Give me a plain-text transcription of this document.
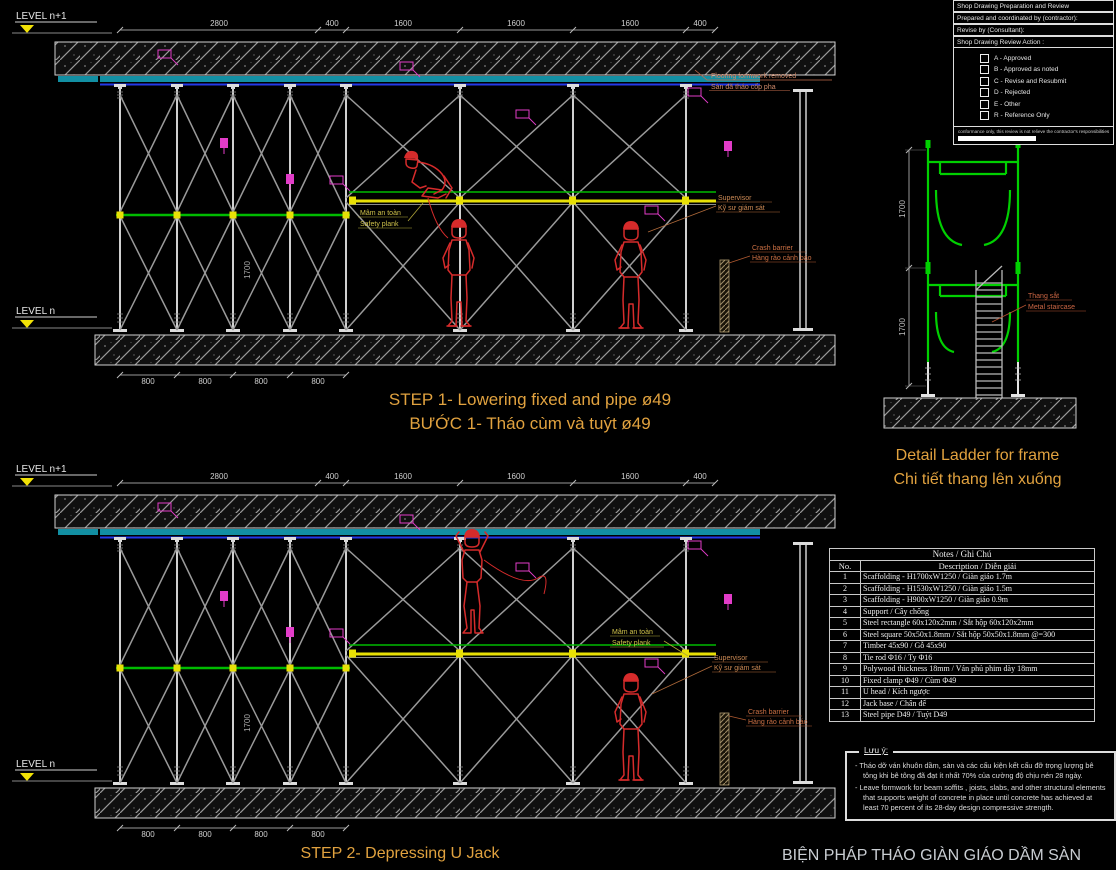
Flooring formwork removed
Sàn đã tháo cốp pha
Supervisor
Kỹ sư giám sát
Crash barrier
Hàng rào cảnh báo
Mâm an toàn
Safety plank
Mâm an toàn
Safety plank
Supervisor
Kỹ sư giám sát
Crash barrier
Hàng rào cảnh báo
1700
1700
Thang sắt
Metal staircase
STEP 1- Lowering fixed and pipe ø49
BƯỚC 1- Tháo cùm và tuýt ø49
STEP 2- Depressing U Jack
Detail Ladder for frame
Chi tiết thang lên xuống
Shop Drawing Preparation and Review
Prepared and coordinated by (contractor):
Revise by (Consultant):
Shop Drawing Review Action :
A - Approved
B - Approved as noted
C - Revise and Resubmit
D - Rejected
E - Other
R - Reference Only
conformance only, this review is not relieve the contractor's responsibilities
Notes / Ghi Chú	
No.	Description / Diễn giải
1	Scaffolding - H1700xW1250 / Giàn giáo 1.7m
2	Scaffolding - H1530xW1250 / Giàn giáo 1.5m
3	Scaffolding - H900xW1250 / Giàn giáo 0.9m
4	Support / Cây chống
5	Steel rectangle 60x120x2mm / Sắt hộp 60x120x2mm
6	Steel square 50x50x1.8mm / Sắt hộp 50x50x1.8mm @=300
7	Timber 45x90 / Gỗ 45x90
8	Tie rod Φ16 / Ty Φ16
9	Polywood thickness 18mm / Ván phủ phim dày 18mm
10	Fixed clamp Φ49 / Cùm Φ49
11	U head / Kích ngược
12	Jack base / Chân đế
13	Steel pipe D49 / Tuýt D49
Lưu ý:
- Tháo dỡ ván khuôn dầm, sàn và các cấu kiện kết cấu đỡ trọng lượng bê tông khi bê tông đã đạt ít nhất 70% của cường độ chịu nén 28 ngày.
- Leave formwork for beam soffits , joists, slabs, and other structural elements that supports weight of concrete in place until concrete has achieved at least 70 percent of its 28-day design compressive strength.
BIỆN PHÁP THÁO GIÀN GIÁO DẦM SÀN
